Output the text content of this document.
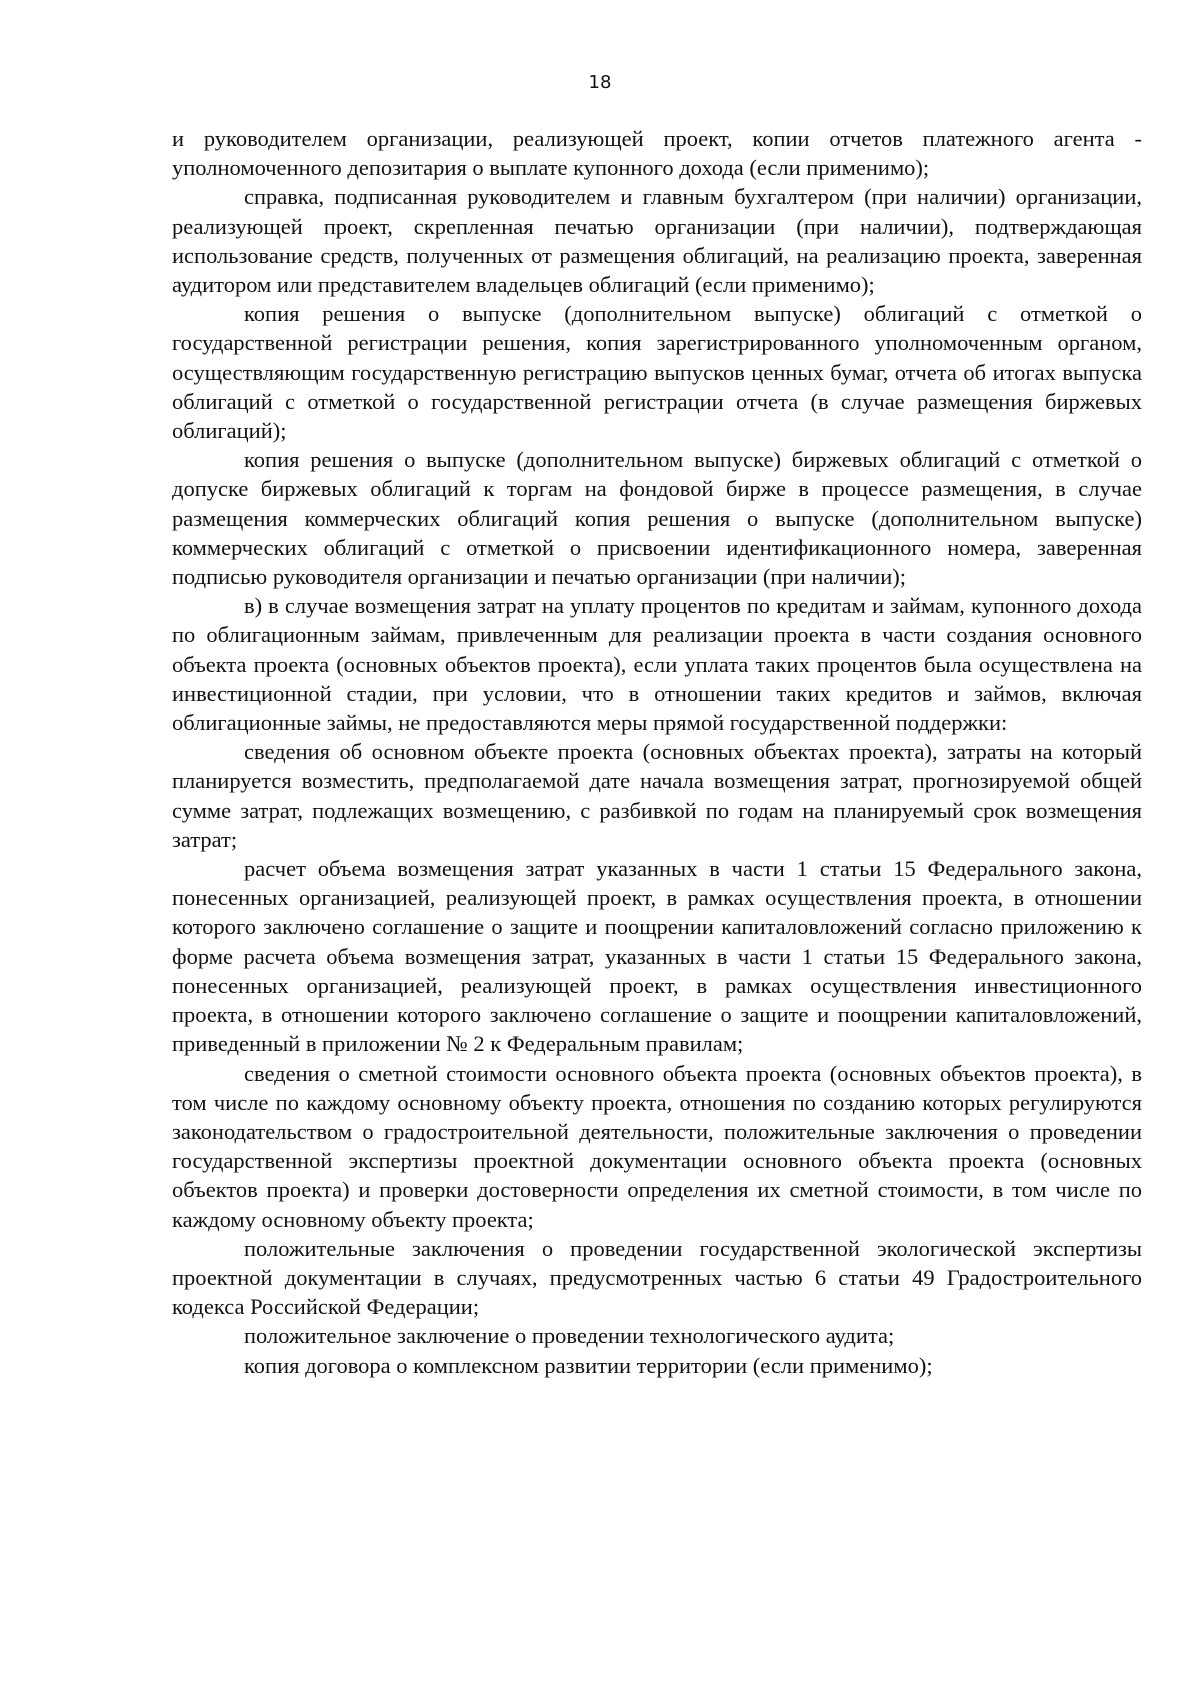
18

и руководителем организации, реализующей проект, копии отчетов платежного агента - уполномоченного депозитария о выплате купонного дохода (если применимо);

справка, подписанная руководителем и главным бухгалтером (при наличии) организации, реализующей проект, скрепленная печатью организации (при наличии), подтверждающая использование средств, полученных от размещения облигаций, на реализацию проекта, заверенная аудитором или представителем владельцев облигаций (если применимо);

копия решения о выпуске (дополнительном выпуске) облигаций с отметкой о государственной регистрации решения, копия зарегистрированного уполномоченным органом, осуществляющим государственную регистрацию выпусков ценных бумаг, отчета об итогах выпуска облигаций с отметкой о государственной регистрации отчета (в случае размещения биржевых облигаций);

копия решения о выпуске (дополнительном выпуске) биржевых облигаций с отметкой о допуске биржевых облигаций к торгам на фондовой бирже в процессе размещения, в случае размещения коммерческих облигаций копия решения о выпуске (дополнительном выпуске) коммерческих облигаций с отметкой о присвоении идентификационного номера, заверенная подписью руководителя организации и печатью организации (при наличии);

в) в случае возмещения затрат на уплату процентов по кредитам и займам, купонного дохода по облигационным займам, привлеченным для реализации проекта в части создания основного объекта проекта (основных объектов проекта), если уплата таких процентов была осуществлена на инвестиционной стадии, при условии, что в отношении таких кредитов и займов, включая облигационные займы, не предоставляются меры прямой государственной поддержки:

сведения об основном объекте проекта (основных объектах проекта), затраты на который планируется возместить, предполагаемой дате начала возмещения затрат, прогнозируемой общей сумме затрат, подлежащих возмещению, с разбивкой по годам на планируемый срок возмещения затрат;

расчет объема возмещения затрат указанных в части 1 статьи 15 Федерального закона, понесенных организацией, реализующей проект, в рамках осуществления проекта, в отношении которого заключено соглашение о защите и поощрении капиталовложений согласно приложению к форме расчета объема возмещения затрат, указанных в части 1 статьи 15 Федерального закона, понесенных организацией, реализующей проект, в рамках осуществления инвестиционного проекта, в отношении которого заключено соглашение о защите и поощрении капиталовложений, приведенный в приложении № 2 к Федеральным правилам;

сведения о сметной стоимости основного объекта проекта (основных объектов проекта), в том числе по каждому основному объекту проекта, отношения по созданию которых регулируются законодательством о градостроительной деятельности, положительные заключения о проведении государственной экспертизы проектной документации основного объекта проекта (основных объектов проекта) и проверки достоверности определения их сметной стоимости, в том числе по каждому основному объекту проекта;

положительные заключения о проведении государственной экологической экспертизы проектной документации в случаях, предусмотренных частью 6 статьи 49 Градостроительного кодекса Российской Федерации;

положительное заключение о проведении технологического аудита;

копия договора о комплексном развитии территории (если применимо);
